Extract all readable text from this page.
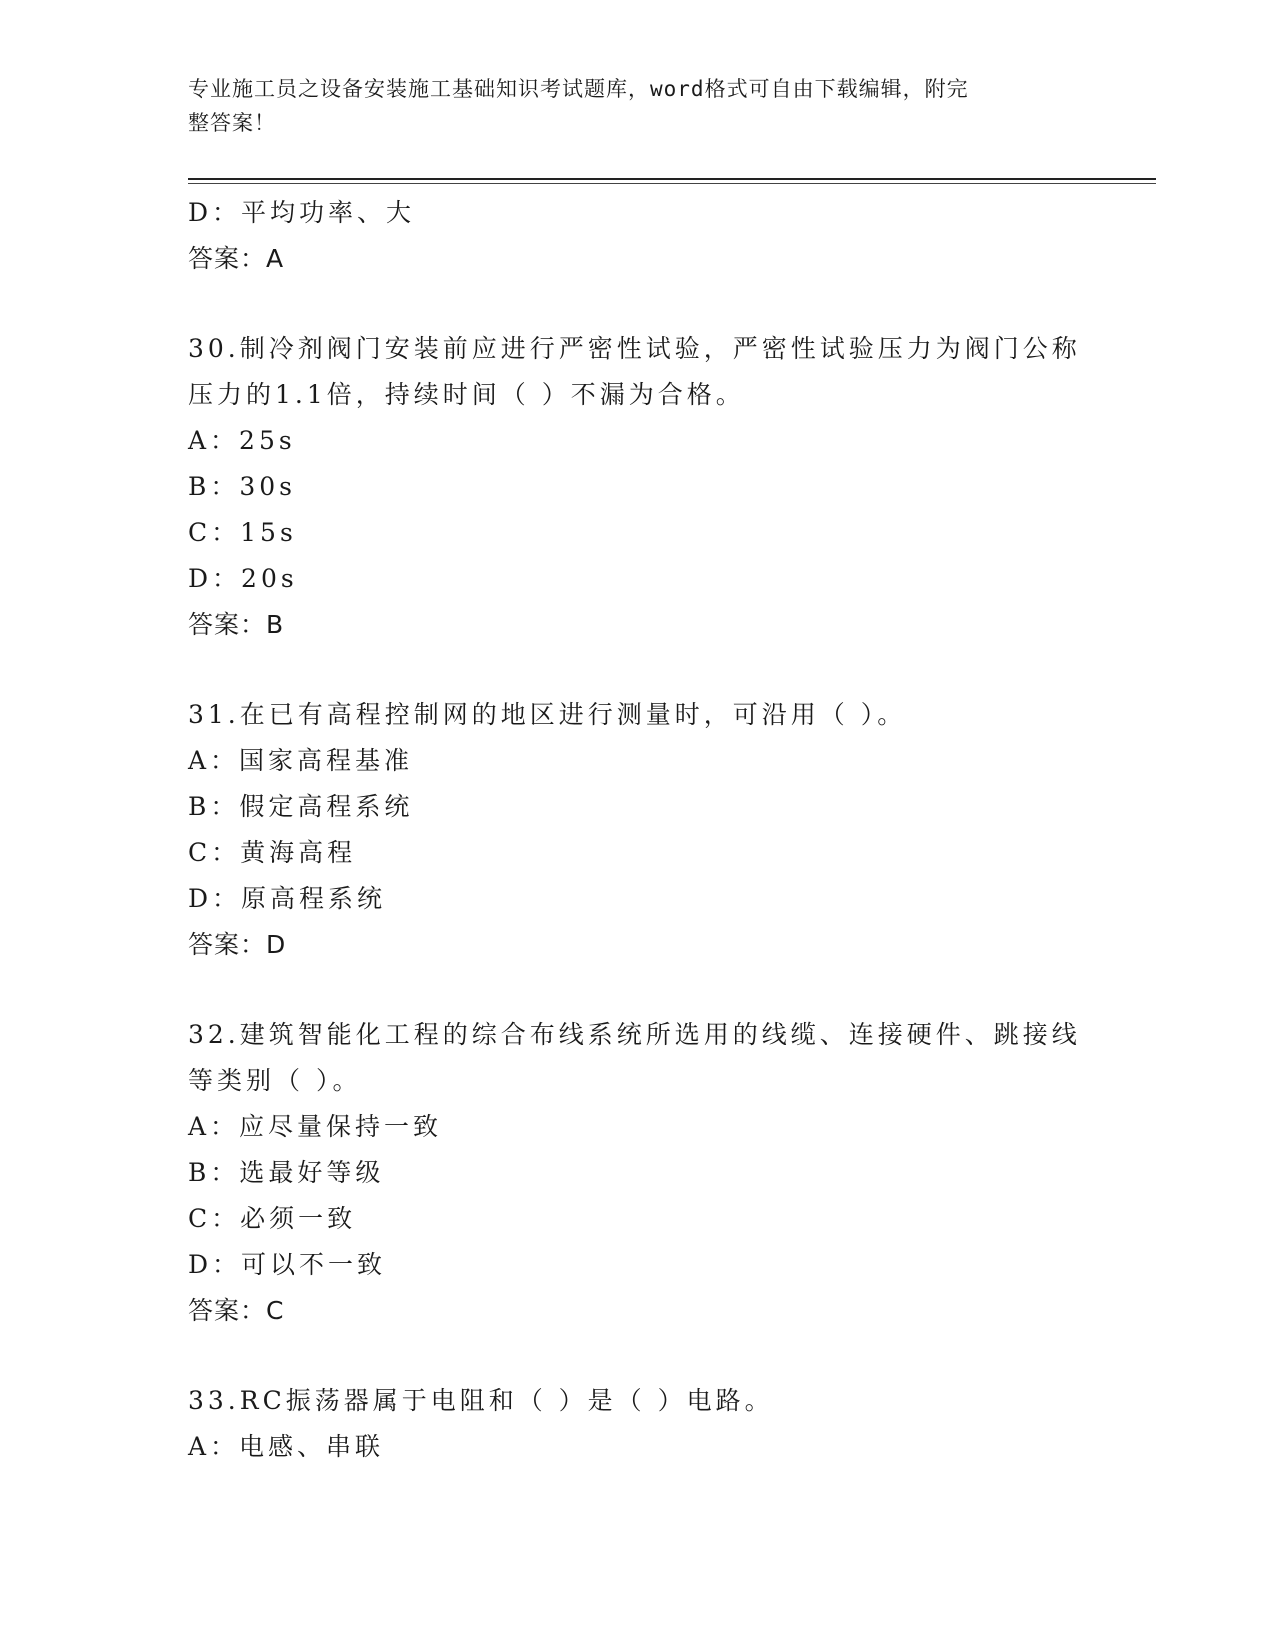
专业施工员之设备安装施工基础知识考试题库，word格式可自由下载编辑，附完
整答案！
D：平均功率、大
答案：A
30.制冷剂阀门安装前应进行严密性试验，严密性试验压力为阀门公称
压力的1.1倍，持续时间（ ）不漏为合格。
A：25s
B：30s
C：15s
D：20s
答案：B
31.在已有高程控制网的地区进行测量时，可沿用（ ）。
A：国家高程基准
B：假定高程系统
C：黄海高程
D：原高程系统
答案：D
32.建筑智能化工程的综合布线系统所选用的线缆、连接硬件、跳接线
等类别（ ）。
A：应尽量保持一致
B：选最好等级
C：必须一致
D：可以不一致
答案：C
33.RC振荡器属于电阻和（ ）是（ ）电路。
A：电感、串联
